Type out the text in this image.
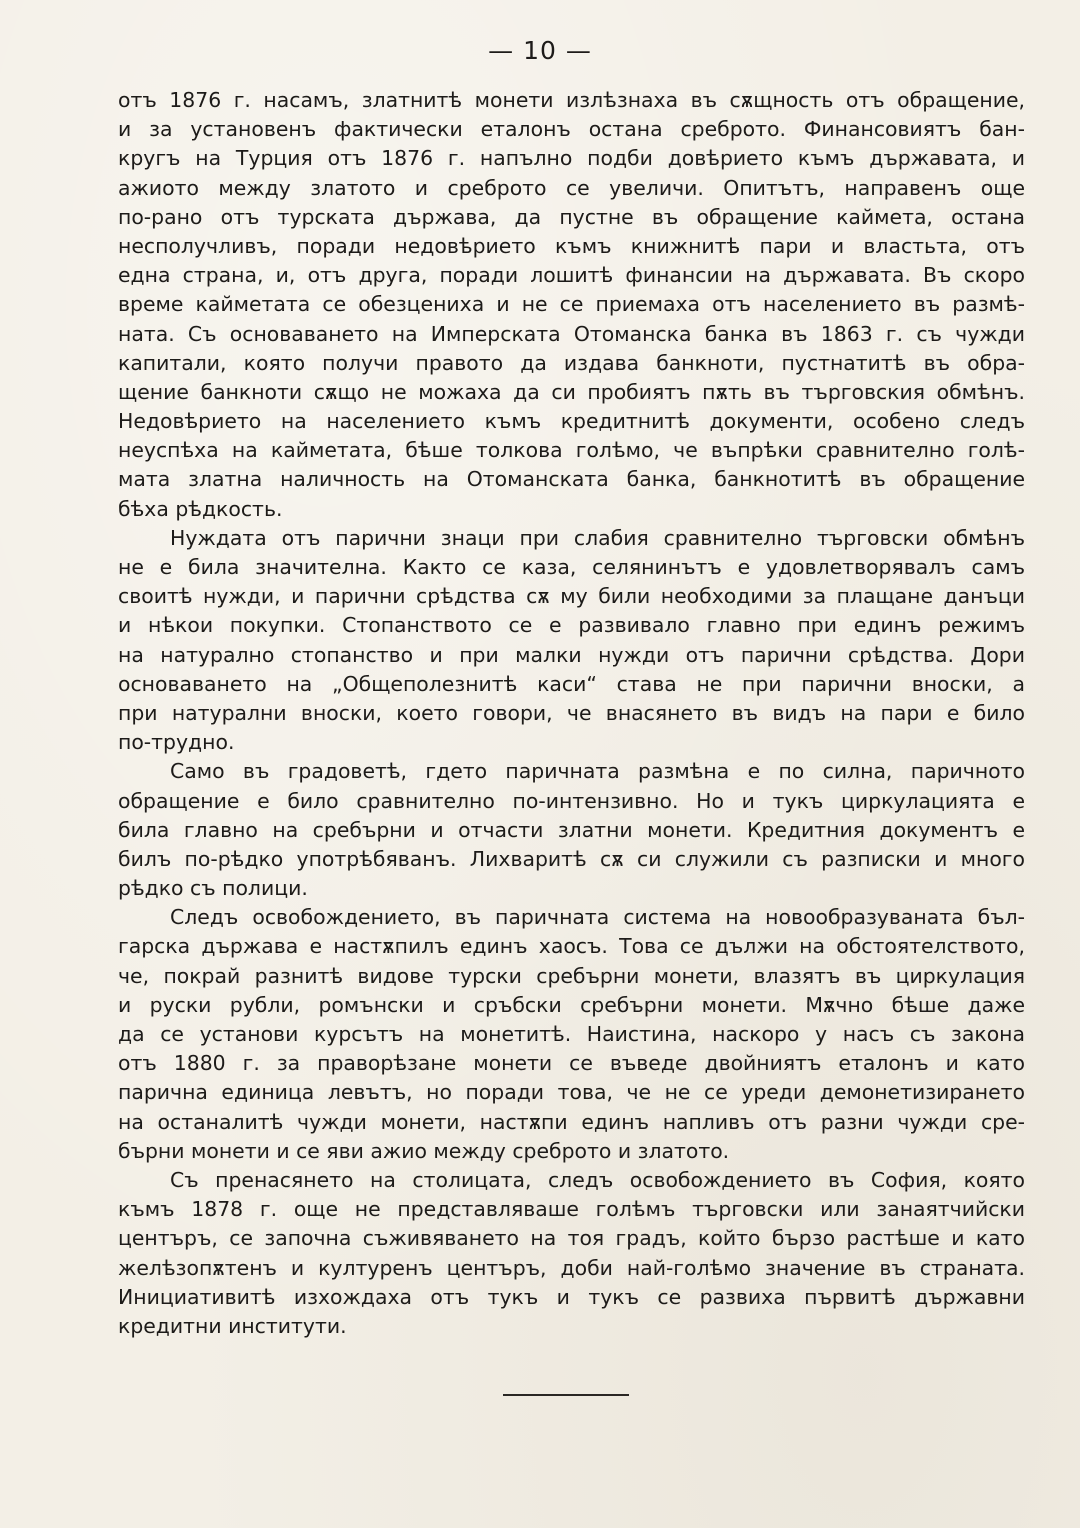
— 10 —
отъ 1876 г. насамъ, златнитѣ монети излѣзнаха въ сѫщность отъ обращение,
и за установенъ фактически еталонъ остана среброто. Финансовиятъ бан-
кругъ на Турция отъ 1876 г. напълно подби довѣрието къмъ държавата, и
ажиото между златото и среброто се увеличи. Опитътъ, направенъ още
по-рано отъ турската държава, да пустне въ обращение каймета, остана
несполучливъ, поради недовѣрието къмъ книжнитѣ пари и властьта, отъ
една страна, и, отъ друга, поради лошитѣ финансии на държавата. Въ скоро
време кайметата се обезцениха и не се приемаха отъ населението въ размѣ-
ната. Съ основаването на Имперската Отоманска банка въ 1863 г. съ чужди
капитали, която получи правото да издава банкноти, пустнатитѣ въ обра-
щение банкноти сѫщо не можаха да си пробиятъ пѫть въ търговския обмѣнъ.
Недовѣрието на населението къмъ кредитнитѣ документи, особено следъ
неуспѣха на кайметата, бѣше толкова голѣмо, че въпрѣки сравнително голѣ-
мата златна наличность на Отоманската банка, банкнотитѣ въ обращение
бѣха рѣдкость.
Нуждата отъ парични знаци при слабия сравнително търговски обмѣнъ
не е била значителна. Както се каза, селянинътъ е удовлетворявалъ самъ
своитѣ нужди, и парични срѣдства сѫ му били необходими за плащане данъци
и нѣкои покупки. Стопанството се е развивало главно при единъ режимъ
на натурално стопанство и при малки нужди отъ парични срѣдства. Дори
основаването на „Общеполезнитѣ каси“ става не при парични вноски, а
при натурални вноски, което говори, че внасянето въ видъ на пари е било
по-трудно.
Само въ градоветѣ, гдето паричната размѣна е по силна, паричното
обращение е било сравнително по-интензивно. Но и тукъ циркулацията е
била главно на сребърни и отчасти златни монети. Кредитния документъ е
билъ по-рѣдко употрѣбяванъ. Лихваритѣ сѫ си служили съ разписки и много
рѣдко съ полици.
Следъ освобождението, въ паричната система на новообразуваната бъл-
гарска държава е настѫпилъ единъ хаосъ. Това се дължи на обстоятелството,
че, покрай разнитѣ видове турски сребърни монети, влазятъ въ циркулация
и руски рубли, ромънски и сръбски сребърни монети. Мѫчно бѣше даже
да се установи курсътъ на монетитѣ. Наистина, наскоро у насъ съ закона
отъ 1880 г. за праворѣзане монети се въведе двойниятъ еталонъ и като
парична единица левътъ, но поради това, че не се уреди демонетизирането
на останалитѣ чужди монети, настѫпи единъ напливъ отъ разни чужди сре-
бърни монети и се яви ажио между среброто и златото.
Съ пренасянето на столицата, следъ освобождението въ София, която
къмъ 1878 г. още не представляваше голѣмъ търговски или занаятчийски
центъръ, се започна съживяването на тоя градъ, който бързо растѣше и като
желѣзопѫтенъ и културенъ центъръ, доби най-голѣмо значение въ страната.
Инициативитѣ изхождаха отъ тукъ и тукъ се развиха първитѣ държавни
кредитни институти.
